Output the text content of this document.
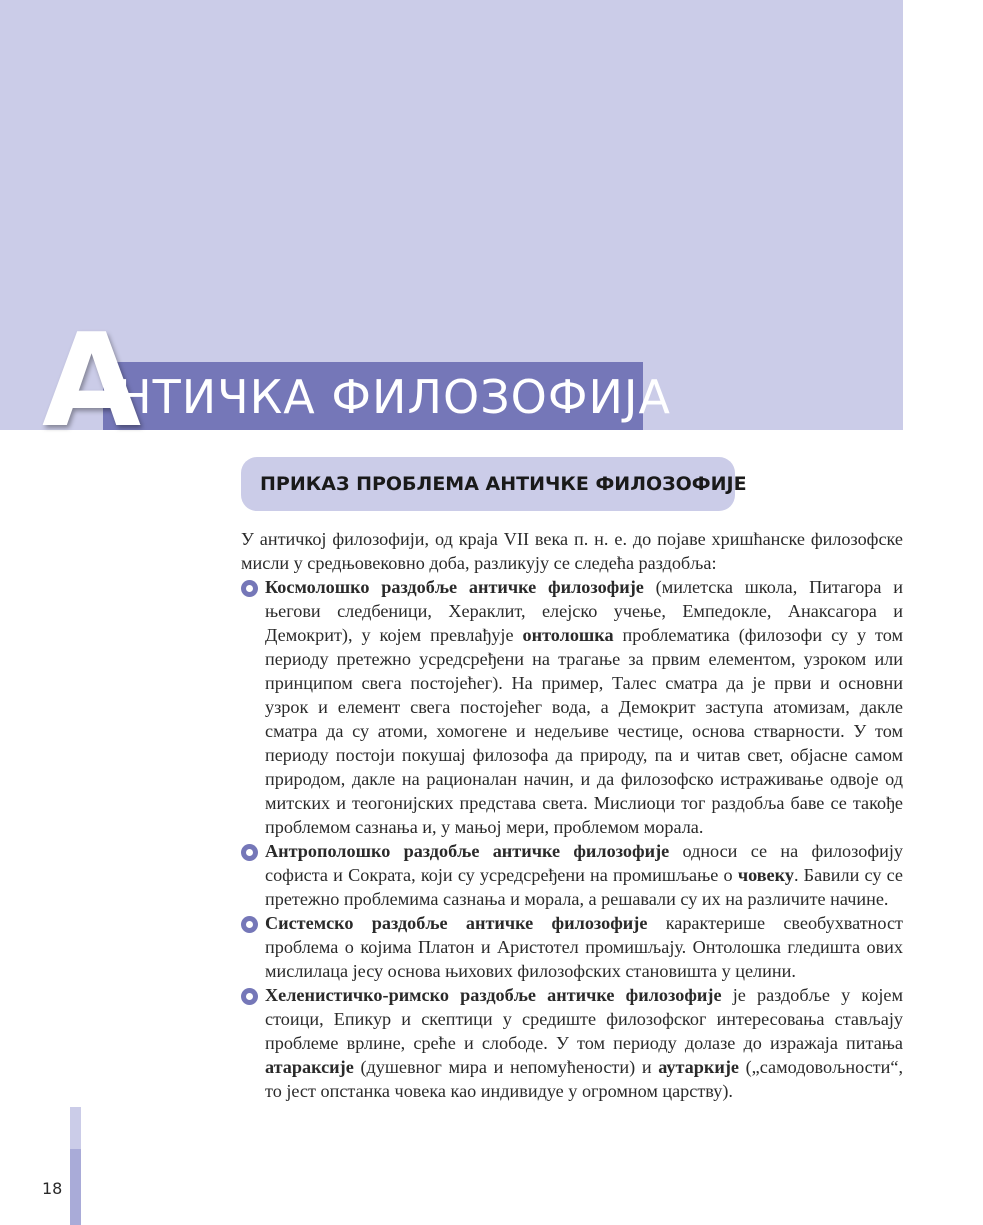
А
НТИЧКА ФИЛОЗОФИЈА
ПРИКАЗ ПРОБЛЕМА АНТИЧКЕ ФИЛОЗОФИЈЕ

У античкој филозофији, од краја VII века п. н. е. до појаве хришћанске филозофске мисли у средњовековно доба, разликују се следећа раздобља:

Космолошко раздобље античке филозофије (милетска школа, Питагора и његови следбеници, Хераклит, елејско учење, Емпедокле, Анаксагора и Демокрит), у којем превлађује онтолошка проблематика (филозофи су у том периоду претежно усредсређени на трагање за првим елементом, узроком или принципом свега постојећег). На пример, Талес сматра да је први и основни узрок и елемент свега постојећег вода, а Демокрит заступа атомизам, дакле сматра да су атоми, хомогене и недељиве честице, основа стварности. У том периоду постоји покушај филозофа да природу, па и читав свет, објасне самом природом, дакле на рационалан начин, и да филозофско истраживање одвоје од митских и теогонијских представа света. Мислиоци тог раздобља баве се такође проблемом сазнања и, у мањој мери, проблемом морала.
Антрополошко раздобље античке филозофије односи се на филозофију софиста и Сократа, који су усредсређени на промишљање о човеку. Бавили су се претежно проблемима сазнања и морала, а решавали су их на различите начине.
Системско раздобље античке филозофије карактерише свеобухватност проблема о којима Платон и Аристотел промишљају. Онтолошка гледишта ових мислилаца јесу основа њихових филозофских становишта у целини.
Хеленистичко-римско раздобље античке филозофије је раздобље у којем стоици, Епикур и скептици у средиште филозофског интересовања стављају проблеме врлине, среће и слободе. У том периоду долазе до изражаја питања атараксије (душевног мира и непомућености) и аутаркије („самодовољности“, то јест опстанка човека као индивидуе у огромном царству).
18
